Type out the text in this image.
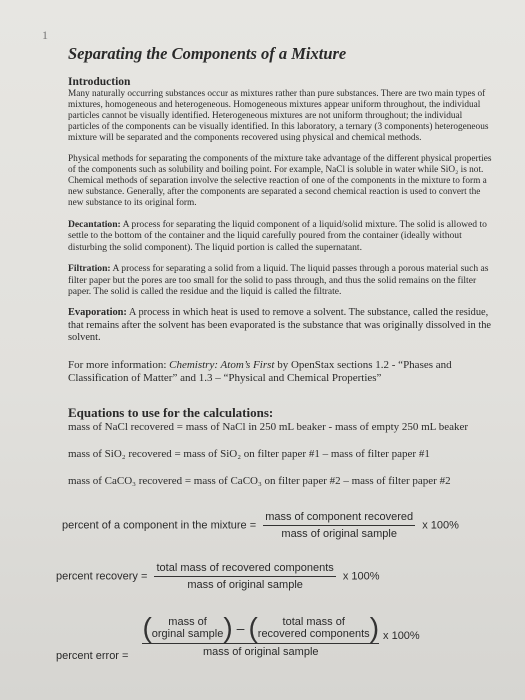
1
Separating the Components of a Mixture
Introduction

Many naturally occurring substances occur as mixtures rather than pure substances. There are two main types of mixtures, homogeneous and heterogeneous. Homogeneous mixtures appear uniform throughout, the individual particles cannot be visually identified. Heterogeneous mixtures are not uniform throughout; the individual particles of the components can be visually identified. In this laboratory, a ternary (3 components) heterogeneous mixture will be separated and the components recovered using physical and chemical methods.

Physical methods for separating the components of the mixture take advantage of the different physical properties of the components such as solubility and boiling point. For example, NaCl is soluble in water while SiO₂ is not. Chemical methods of separation involve the selective reaction of one of the components in the mixture to form a new substance. Generally, after the components are separated a second chemical reaction is used to convert the new substance to its original form.

Decantation: A process for separating the liquid component of a liquid/solid mixture. The solid is allowed to settle to the bottom of the container and the liquid carefully poured from the container (ideally without disturbing the solid component). The liquid portion is called the supernatant.

Filtration: A process for separating a solid from a liquid. The liquid passes through a porous material such as filter paper but the pores are too small for the solid to pass through, and thus the solid remains on the filter paper. The solid is called the residue and the liquid is called the filtrate.

Evaporation: A process in which heat is used to remove a solvent. The substance, called the residue, that remains after the solvent has been evaporated is the substance that was originally dissolved in the solvent.

For more information: Chemistry: Atom’s First by OpenStax sections 1.2 - “Phases and Classification of Matter” and 1.3 – “Physical and Chemical Properties”

Equations to use for the calculations:
mass of NaCl recovered = mass of NaCl in 250 mL beaker - mass of empty 250 mL beaker
mass of SiO₂ recovered = mass of SiO₂ on filter paper #1 – mass of filter paper #1
mass of CaCO₃ recovered = mass of CaCO₃ on filter paper #2 – mass of filter paper #2
percent of a component in the mixture = $\frac{\text{mass of component recovered}}{\text{mass of original sample}}$ x 100%
percent recovery = $\frac{\text{total mass of recovered components}}{\text{mass of original sample}}$ x 100%
percent error =
( mass of
orginal sample ) – ( total mass of
recovered components )
mass of original sample
x 100%
